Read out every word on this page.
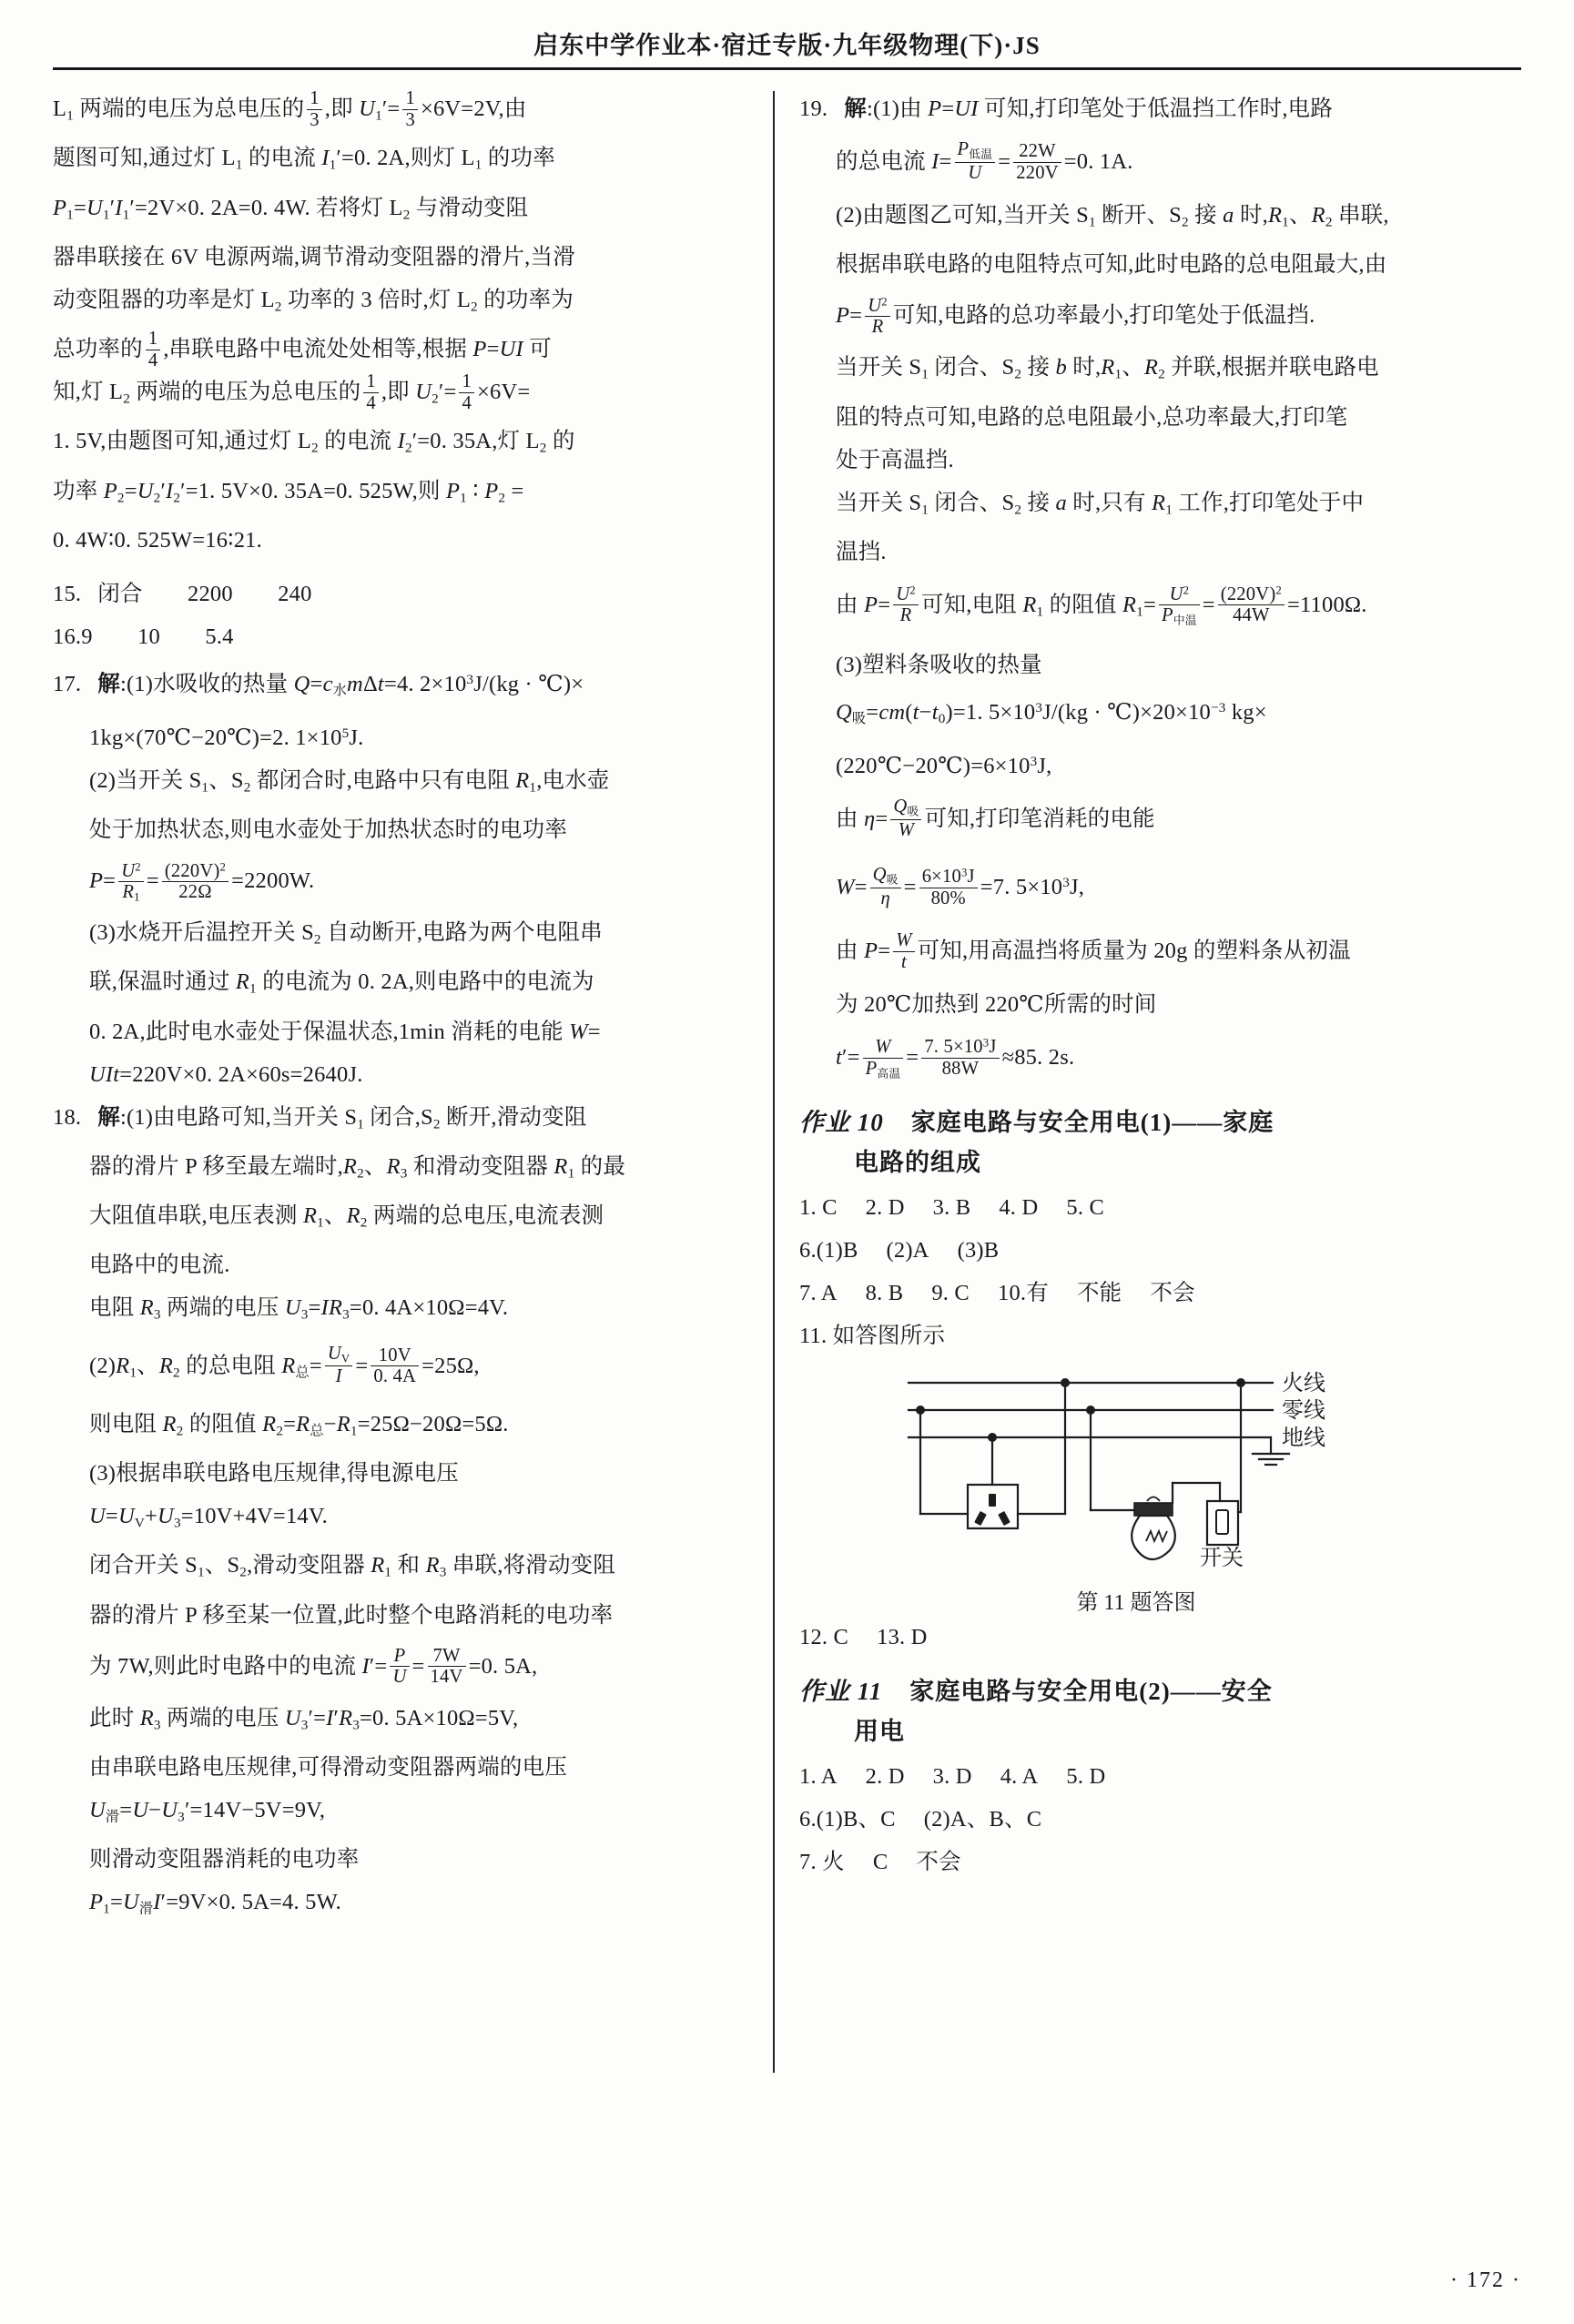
启东中学作业本·宿迁专版·九年级物理(下)·JS
$L_1$ 两端的电压为总电压的 $\frac{1}{3}$ ,即 $U_1'= \frac{1}{3} \times 6V=2V$,由
题图可知,通过灯 $L_1$ 的电流 $I_1'=0$. 2A,则灯 $L_1$ 的功率
$P_1=U_1'I_1'=2V\times 0$. 2A=0. 4W. 若将灯 $L_2$ 与滑动变阻
器串联接在 6V 电源两端,调节滑动变阻器的滑片,当滑
动变阻器的功率是灯 $L_2$ 功率的 3 倍时,灯 $L_2$ 的功率为
总功率的 $\frac{1}{4}$ ,串联电路中电流处处相等,根据 P=UI 可
知,灯 $L_2$ 两端的电压为总电压的 $\frac{1}{4}$ ,即 $U_2'= \frac{1}{4} \times 6V=$
1. 5V,由题图可知,通过灯 $L_2$ 的电流 $I_2'=0$. 35A,灯 $L_2$ 的
功率 $P_2=U_2'I_2'=1$. 5V×0. 35A=0. 525W,则 $P_1$ ∶ $P_2$ =
0. 4W∶0. 525W=16∶21.
15. 闭合  2200  240
16.9  10  5.4
17. 解:(1)水吸收的热量 $Q=c_水m\Delta t=4$. $2\times 10^3J/(kg$ · ℃)×
1kg×(70℃−20℃)=2. $1\times 10^5J$.
(2)当开关 $S_1$、$S_2$ 都闭合时,电路中只有电阻 $R_1$,电水壶
处于加热状态,则电水壶处于加热状态时的电功率
$P= \frac{U^2}{R_1} = \frac{(220V)^2}{22\Omega} =2200W$.
(3)水烧开后温控开关 $S_2$ 自动断开,电路为两个电阻串
联,保温时通过 $R_1$ 的电流为 0. 2A,则电路中的电流为
0. 2A,此时电水壶处于保温状态,1min 消耗的电能 W=
UIt=220V×0. 2A×60s=2640J.
18. 解:(1)由电路可知,当开关 $S_1$ 闭合$,S_2$ 断开,滑动变阻
器的滑片 P 移至最左端时$,R_2$、$R_3$ 和滑动变阻器 $R_1$ 的最
大阻值串联,电压表测 $R_1$、$R_2$ 两端的总电压,电流表测
电路中的电流.
电阻 $R_3$ 两端的电压 $U_3=IR_3=0$. 4A×10Ω=4V.
$(2)R_1$、$R_2$ 的总电阻 $R_总= \frac{U_V}{I} = \frac{10V}{0. 4A} =25\Omega$,
则电阻 $R_2$ 的阻值 $R_2=R_总-R_1=25\Omega-20\Omega=5\Omega$.
(3)根据串联电路电压规律,得电源电压
$U=U_V+U_3=10V+4V=14V$.
闭合开关 $S_1$、$S_2$,滑动变阻器 $R_1$ 和 $R_3$ 串联,将滑动变阻
器的滑片 P 移至某一位置,此时整个电路消耗的电功率
为 7W,则此时电路中的电流 $I'= \frac{P}{U} = \frac{7W}{14V} =0$. 5A,
此时 $R_3$ 两端的电压 $U_3'=I'R_3=0$. 5A×10Ω=5V,
由串联电路电压规律,可得滑动变阻器两端的电压
$U_滑=U-U_3'=14V-5V=9V$,
则滑动变阻器消耗的电功率
$P_1=U_滑I'=9V\times 0$. 5A=4. 5W.
19. 解:(1)由 P=UI 可知,打印笔处于低温挡工作时,电路
的总电流 $I= \frac{P_{低温}}{U} = \frac{22W}{220V} =0$. 1A.
(2)由题图乙可知,当开关 $S_1$ 断开、$S_2$ 接 a 时$,R_1$、$R_2$ 串联,
根据串联电路的电阻特点可知,此时电路的总电阻最大,由
$P= \frac{U^2}{R}$ 可知,电路的总功率最小,打印笔处于低温挡.
当开关 $S_1$ 闭合、$S_2$ 接 b 时$,R_1$、$R_2$ 并联,根据并联电路电
阻的特点可知,电路的总电阻最小,总功率最大,打印笔
处于高温挡.
当开关 $S_1$ 闭合、$S_2$ 接 a 时,只有 $R_1$ 工作,打印笔处于中
温挡.
由 $P= \frac{U^2}{R}$ 可知,电阻 $R_1$ 的阻值 $R_1= \frac{U^2}{P_{中温}} = \frac{(220V)^2}{44W} =1100\Omega$.
(3)塑料条吸收的热量
$Q_吸=cm(t-t_0)=1$. $5\times 10^3J/(kg$ · $℃)\times 20\times 10^{-3}$ kg×
$(220℃-20℃)=6\times 10^3J$,
由 $\eta= \frac{Q_吸}{W}$ 可知,打印笔消耗的电能
$W= \frac{Q_吸}{\eta} = \frac{6\times 10^3J}{80\%} =7$. $5\times 10^3J$,
由 $P= \frac{W}{t}$ 可知,用高温挡将质量为 20g 的塑料条从初温
为 20℃加热到 220℃所需的时间
$t'= \frac{W}{P_{高温}} = \frac{7. 5\times 10^3J}{88W} \approx 85$. 2s.
作业 10 家庭电路与安全用电(1)——家庭
电路的组成
1. C  2. D  3. B  4. D  5. C
6.(1)B  (2)A  (3)B
7. A  8. B  9. C  10.有  不能  不会
11. 如答图所示
火线
零线
地线
开关
第 11 题答图
12. C  13. D
作业 11 家庭电路与安全用电(2)——安全
用电
1. A  2. D  3. D  4. A  5. D
6.(1)B、C  (2)A、B、C
7. 火  C  不会
· 172 ·
